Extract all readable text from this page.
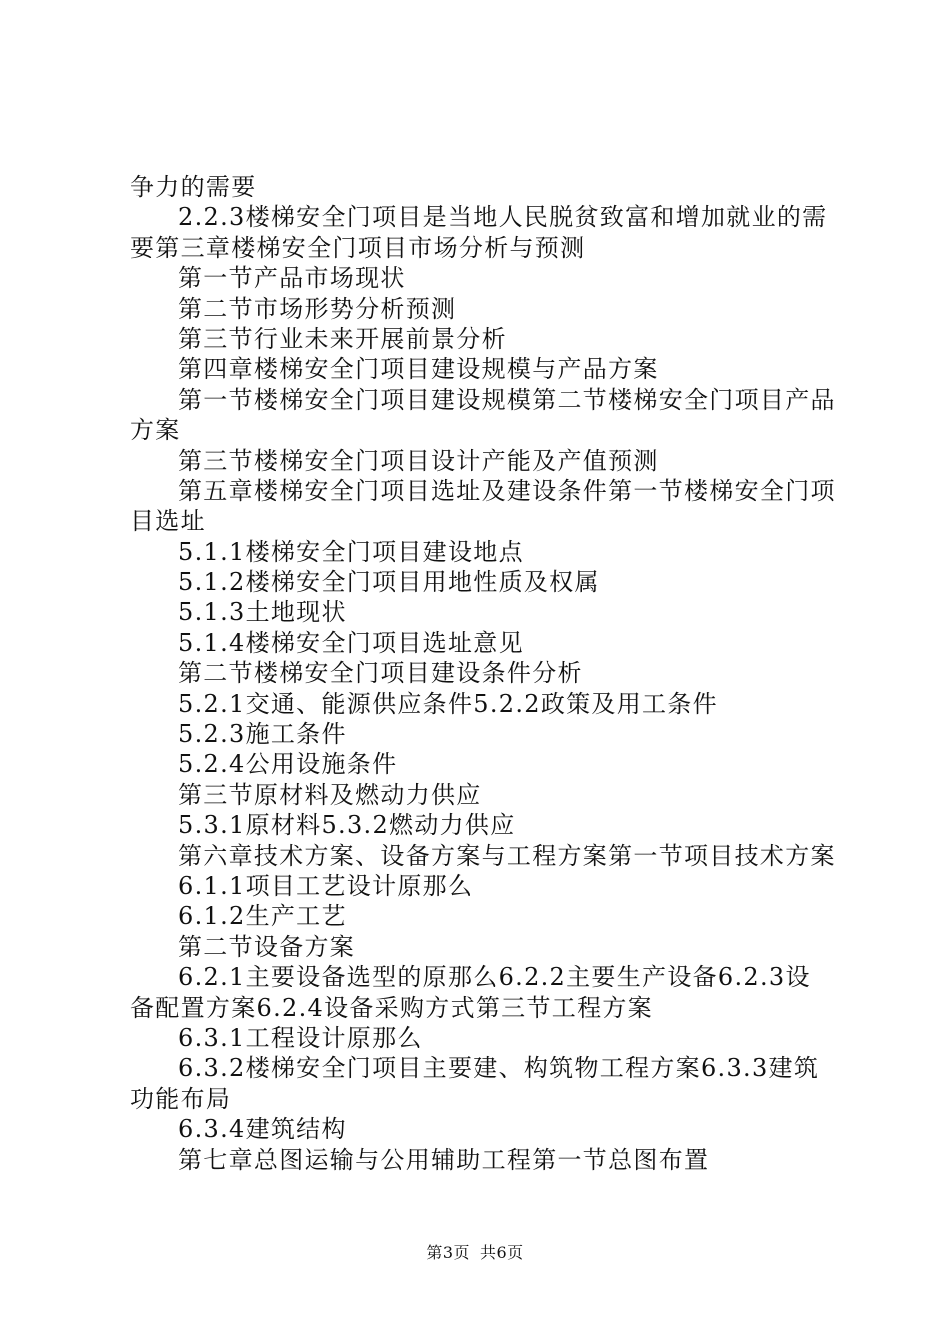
争力的需要
2.2.3楼梯安全门项目是当地人民脱贫致富和增加就业的需
要第三章楼梯安全门项目市场分析与预测
第一节产品市场现状
第二节市场形势分析预测
第三节行业未来开展前景分析
第四章楼梯安全门项目建设规模与产品方案
第一节楼梯安全门项目建设规模第二节楼梯安全门项目产品
方案
第三节楼梯安全门项目设计产能及产值预测
第五章楼梯安全门项目选址及建设条件第一节楼梯安全门项
目选址
5.1.1楼梯安全门项目建设地点
5.1.2楼梯安全门项目用地性质及权属
5.1.3土地现状
5.1.4楼梯安全门项目选址意见
第二节楼梯安全门项目建设条件分析
5.2.1交通、能源供应条件5.2.2政策及用工条件
5.2.3施工条件
5.2.4公用设施条件
第三节原材料及燃动力供应
5.3.1原材料5.3.2燃动力供应
第六章技术方案、设备方案与工程方案第一节项目技术方案
6.1.1项目工艺设计原那么
6.1.2生产工艺
第二节设备方案
6.2.1主要设备选型的原那么6.2.2主要生产设备6.2.3设
备配置方案6.2.4设备采购方式第三节工程方案
6.3.1工程设计原那么
6.3.2楼梯安全门项目主要建、构筑物工程方案6.3.3建筑
功能布局
6.3.4建筑结构
第七章总图运输与公用辅助工程第一节总图布置
第3页 共6页
